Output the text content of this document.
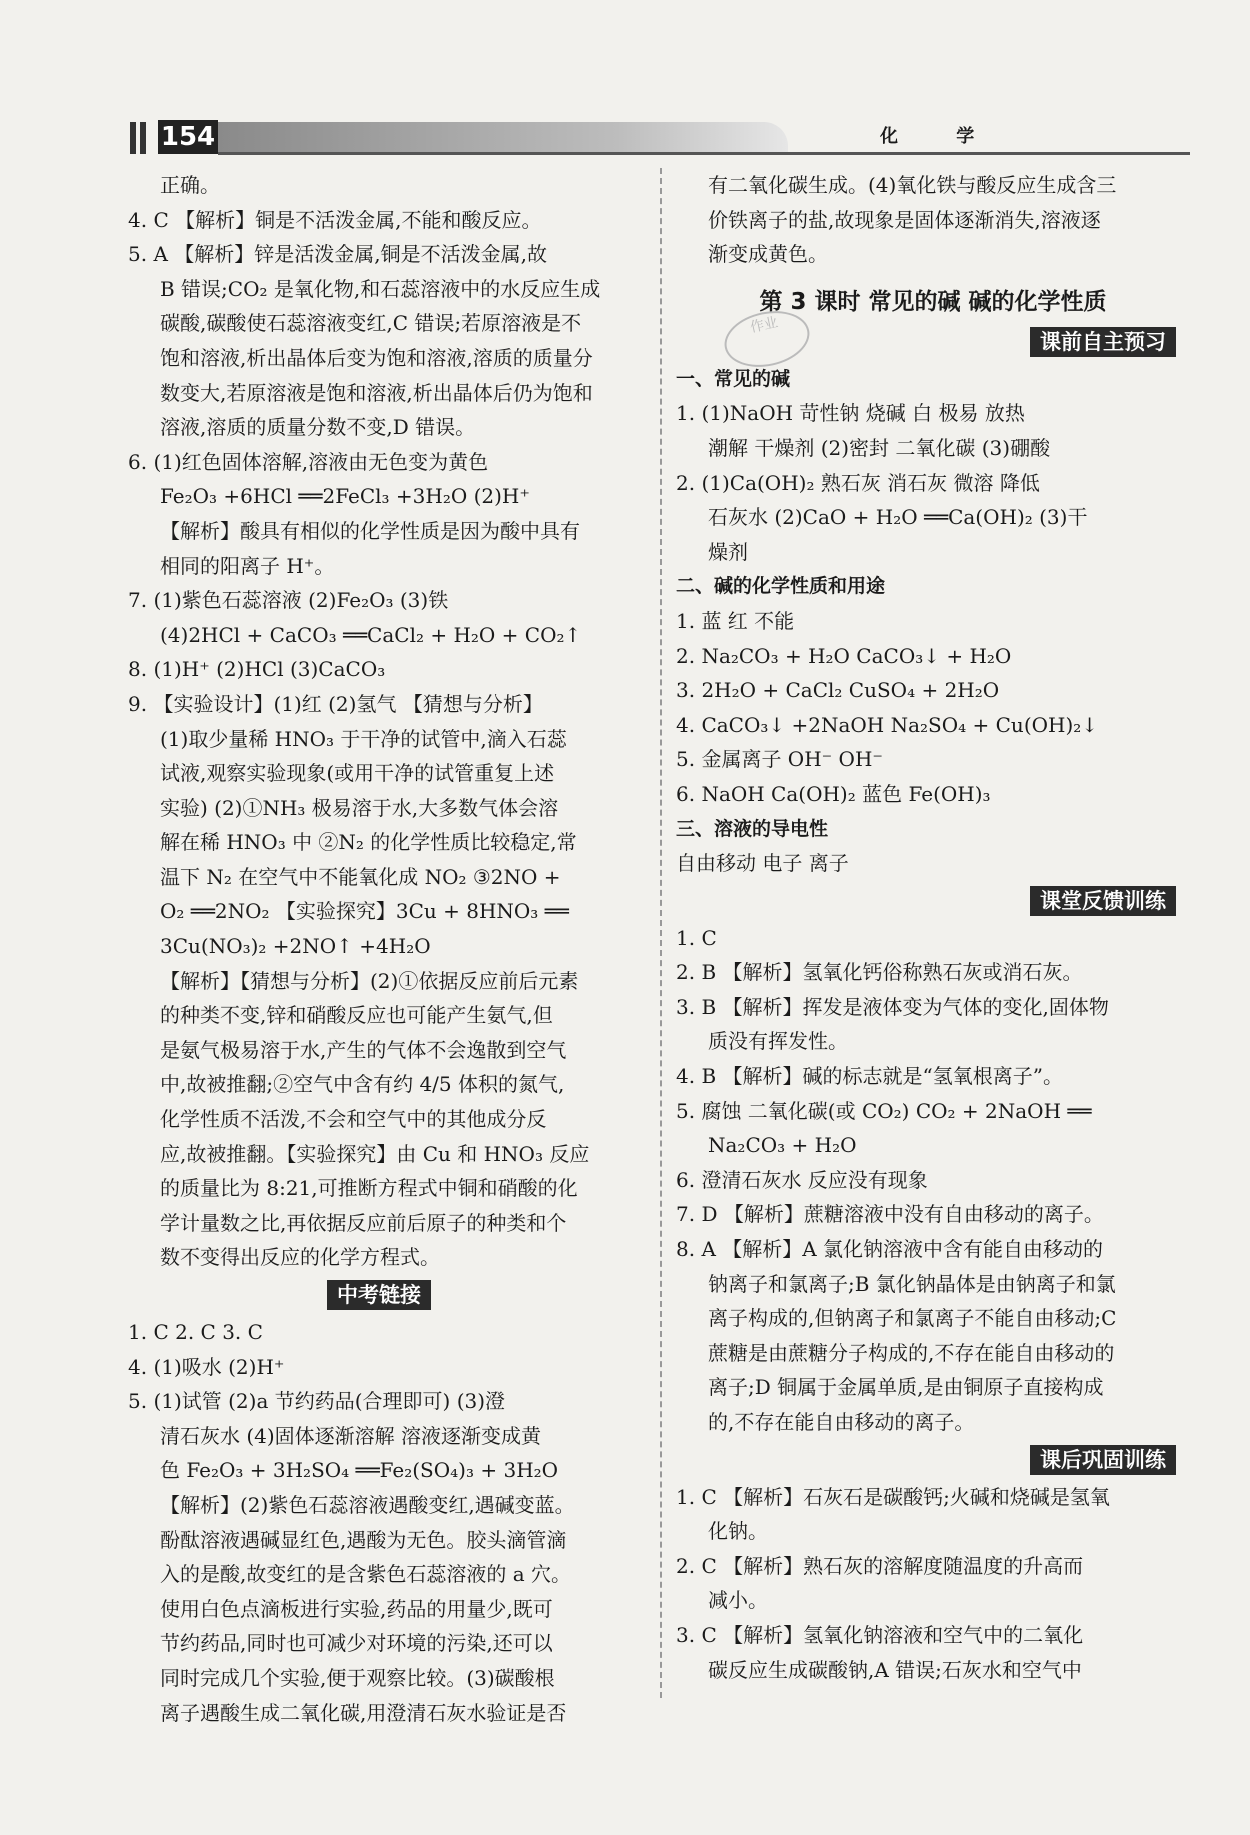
154	化 学
正确。
4. C 【解析】铜是不活泼金属,不能和酸反应。
5. A 【解析】锌是活泼金属,铜是不活泼金属,故
B 错误;CO₂ 是氧化物,和石蕊溶液中的水反应生成
碳酸,碳酸使石蕊溶液变红,C 错误;若原溶液是不
饱和溶液,析出晶体后变为饱和溶液,溶质的质量分
数变大,若原溶液是饱和溶液,析出晶体后仍为饱和
溶液,溶质的质量分数不变,D 错误。
6. (1)红色固体溶解,溶液由无色变为黄色
Fe₂O₃ +6HCl ══2FeCl₃ +3H₂O (2)H⁺
【解析】酸具有相似的化学性质是因为酸中具有
相同的阳离子 H⁺。
7. (1)紫色石蕊溶液 (2)Fe₂O₃ (3)铁
(4)2HCl + CaCO₃ ══CaCl₂ + H₂O + CO₂↑
8. (1)H⁺ (2)HCl (3)CaCO₃
9. 【实验设计】(1)红 (2)氢气 【猜想与分析】
(1)取少量稀 HNO₃ 于干净的试管中,滴入石蕊
试液,观察实验现象(或用干净的试管重复上述
实验) (2)①NH₃ 极易溶于水,大多数气体会溶
解在稀 HNO₃ 中 ②N₂ 的化学性质比较稳定,常
温下 N₂ 在空气中不能氧化成 NO₂ ③2NO +
O₂ ══2NO₂ 【实验探究】3Cu + 8HNO₃ ══
3Cu(NO₃)₂ +2NO↑ +4H₂O
【解析】【猜想与分析】(2)①依据反应前后元素
的种类不变,锌和硝酸反应也可能产生氨气,但
是氨气极易溶于水,产生的气体不会逸散到空气
中,故被推翻;②空气中含有约 4/5 体积的氮气,
化学性质不活泼,不会和空气中的其他成分反
应,故被推翻。【实验探究】由 Cu 和 HNO₃ 反应
的质量比为 8:21,可推断方程式中铜和硝酸的化
学计量数之比,再依据反应前后原子的种类和个
数不变得出反应的化学方程式。
中考链接
1. C 2. C 3. C
4. (1)吸水 (2)H⁺
5. (1)试管 (2)a 节约药品(合理即可) (3)澄
清石灰水 (4)固体逐渐溶解 溶液逐渐变成黄
色 Fe₂O₃ + 3H₂SO₄ ══Fe₂(SO₄)₃ + 3H₂O
【解析】(2)紫色石蕊溶液遇酸变红,遇碱变蓝。
酚酞溶液遇碱显红色,遇酸为无色。胶头滴管滴
入的是酸,故变红的是含紫色石蕊溶液的 a 穴。
使用白色点滴板进行实验,药品的用量少,既可
节约药品,同时也可减少对环境的污染,还可以
同时完成几个实验,便于观察比较。(3)碳酸根
离子遇酸生成二氧化碳,用澄清石灰水验证是否
有二氧化碳生成。(4)氧化铁与酸反应生成含三
价铁离子的盐,故现象是固体逐渐消失,溶液逐
渐变成黄色。
第 3 课时 常见的碱 碱的化学性质
作业
课前自主预习
一、常见的碱
1. (1)NaOH 苛性钠 烧碱 白 极易 放热
潮解 干燥剂 (2)密封 二氧化碳 (3)硼酸
2. (1)Ca(OH)₂ 熟石灰 消石灰 微溶 降低
石灰水 (2)CaO + H₂O ══Ca(OH)₂ (3)干
燥剂
二、碱的化学性质和用途
1. 蓝 红 不能
2. Na₂CO₃ + H₂O CaCO₃↓ + H₂O
3. 2H₂O + CaCl₂ CuSO₄ + 2H₂O
4. CaCO₃↓ +2NaOH Na₂SO₄ + Cu(OH)₂↓
5. 金属离子 OH⁻ OH⁻
6. NaOH Ca(OH)₂ 蓝色 Fe(OH)₃
三、溶液的导电性
自由移动 电子 离子
课堂反馈训练
1. C
2. B 【解析】氢氧化钙俗称熟石灰或消石灰。
3. B 【解析】挥发是液体变为气体的变化,固体物
质没有挥发性。
4. B 【解析】碱的标志就是“氢氧根离子”。
5. 腐蚀 二氧化碳(或 CO₂) CO₂ + 2NaOH ══
Na₂CO₃ + H₂O
6. 澄清石灰水 反应没有现象
7. D 【解析】蔗糖溶液中没有自由移动的离子。
8. A 【解析】A 氯化钠溶液中含有能自由移动的
钠离子和氯离子;B 氯化钠晶体是由钠离子和氯
离子构成的,但钠离子和氯离子不能自由移动;C
蔗糖是由蔗糖分子构成的,不存在能自由移动的
离子;D 铜属于金属单质,是由铜原子直接构成
的,不存在能自由移动的离子。
课后巩固训练
1. C 【解析】石灰石是碳酸钙;火碱和烧碱是氢氧
化钠。
2. C 【解析】熟石灰的溶解度随温度的升高而
减小。
3. C 【解析】氢氧化钠溶液和空气中的二氧化
碳反应生成碳酸钠,A 错误;石灰水和空气中
